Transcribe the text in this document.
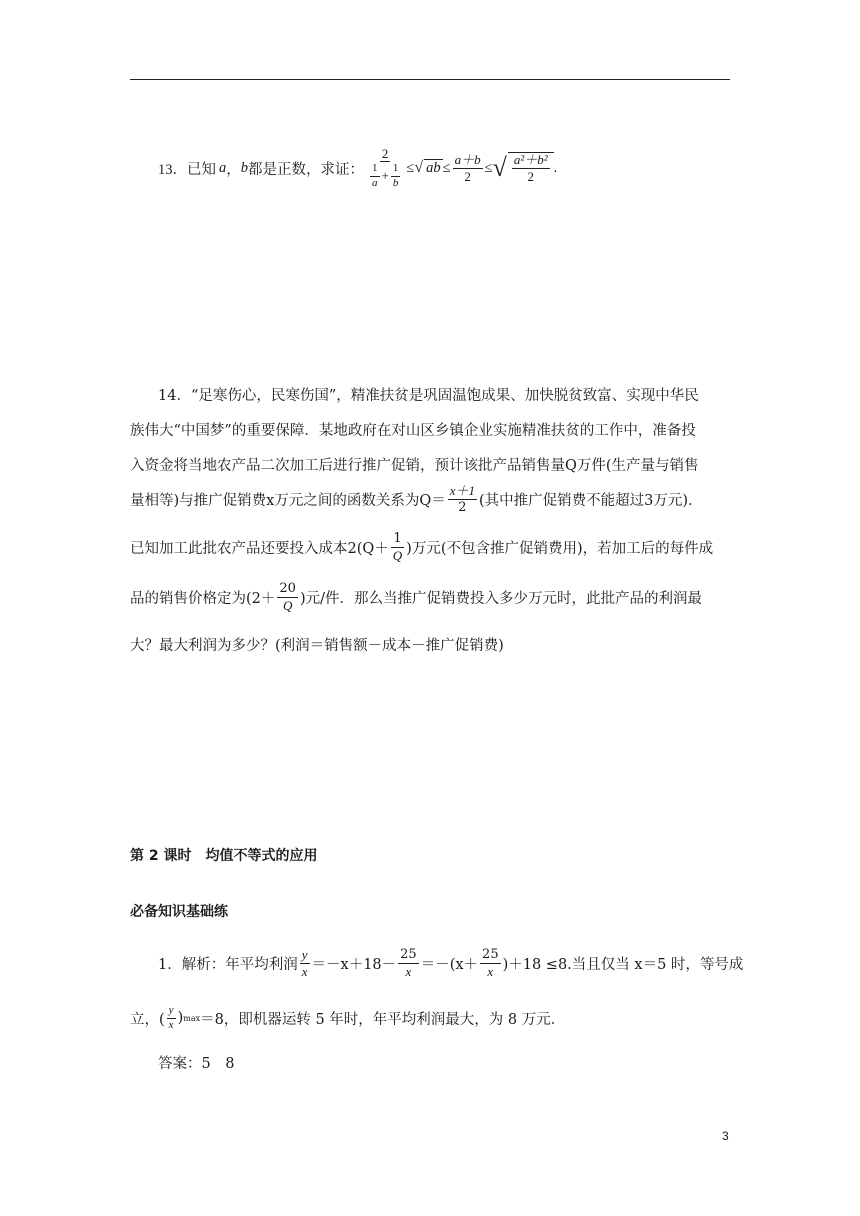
13． 已知 a ， b 都是正数，求证： $\frac{2}{\frac{1}{a} + \frac{1}{b}}$ ≤ √ ab ≤ $\frac{a+b}{2}$ ≤ √ $\frac{\text{a²＋b²}}{2}$ .
14．“足寒伤心，民寒伤国”，精准扶贫是巩固温饱成果、加快脱贫致富、实现中华民
族伟大“中国梦”的重要保障．某地政府在对山区乡镇企业实施精准扶贫的工作中，准备投
入资金将当地农产品二次加工后进行推广促销，预计该批产品销售量Q万件(生产量与销售
量相等)与推广促销费x万元之间的函数关系为$Q= \frac{x+1}{2}$ (其中推广促销费不能超过3万元)．
已知加工此批农产品还要投入成本$2(Q+ \frac{1}{Q}$ )万元(不包含推广促销费用)，若加工后的每件成
品的销售价格定为($2+ \frac{20}{Q}$ )元/件．那么当推广促销费投入多少万元时，此批产品的利润最
大？最大利润为多少？(利润＝销售额－成本－推广促销费)
第 2 课时　均值不等式的应用
必备知识基础练
1．解析：年平均利润 $\frac{y}{x} =-x+18- \frac{25}{x} =-(x+ \frac{25}{x} )+18 \le 8$.当且仅当 x＝5 时，等号成
立，( $\frac{y}{x}$ ) max ＝8，即机器运转 5 年时，年平均利润最大，为 8 万元．
答案：5　8
3
